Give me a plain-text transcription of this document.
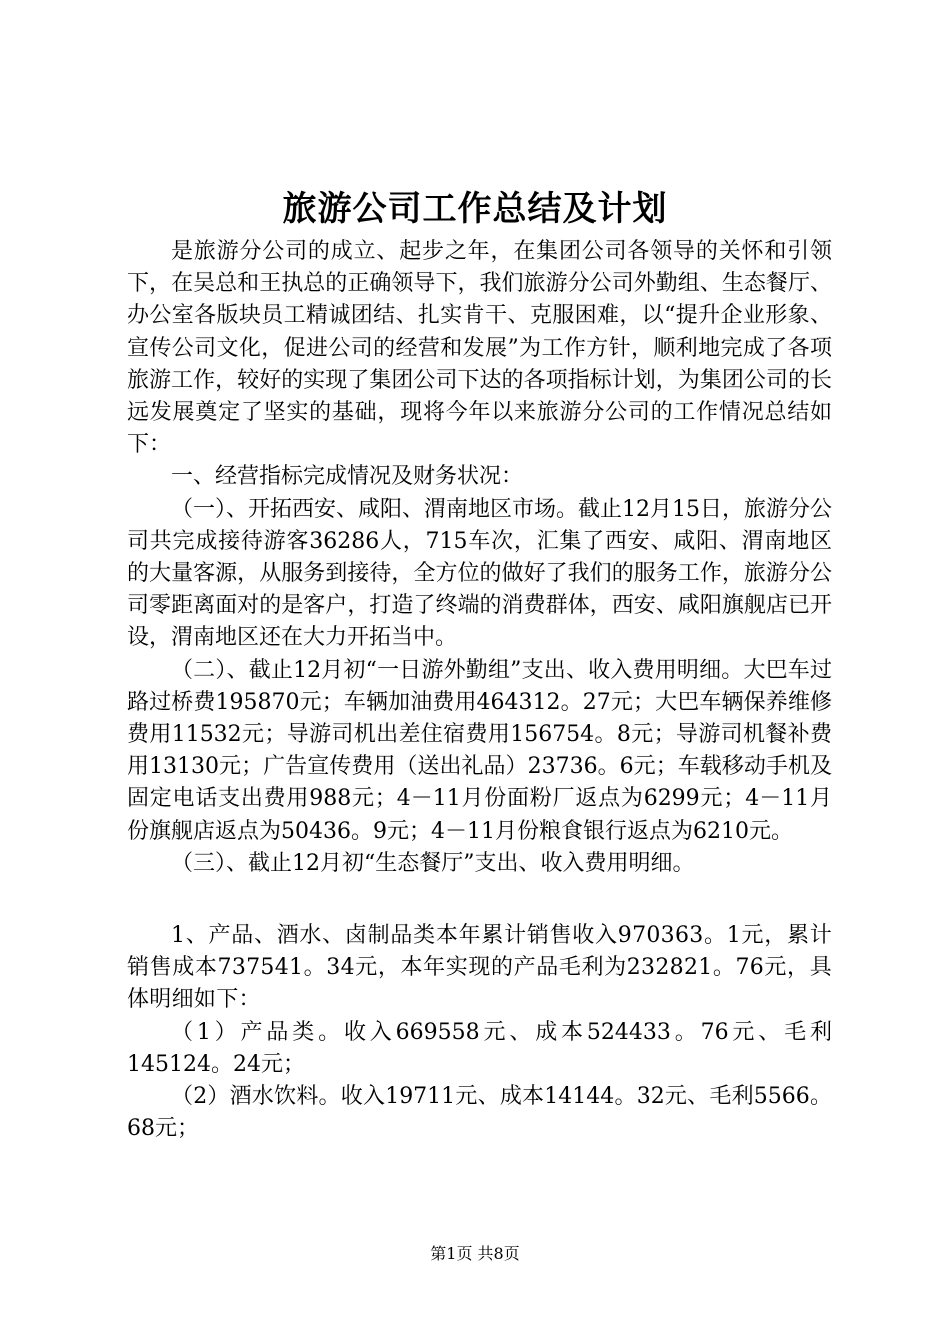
旅游公司工作总结及计划

是旅游分公司的成立、起步之年，在集团公司各领导的关怀和引领下，在吴总和王执总的正确领导下，我们旅游分公司外勤组、生态餐厅、办公室各版块员工精诚团结、扎实肯干、克服困难，以“提升企业形象、宣传公司文化，促进公司的经营和发展”为工作方针，顺利地完成了各项旅游工作，较好的实现了集团公司下达的各项指标计划，为集团公司的长远发展奠定了坚实的基础，现将今年以来旅游分公司的工作情况总结如下：

一、经营指标完成情况及财务状况：

（一）、开拓西安、咸阳、渭南地区市场。截止12月15日，旅游分公司共完成接待游客36286人，715车次，汇集了西安、咸阳、渭南地区的大量客源，从服务到接待，全方位的做好了我们的服务工作，旅游分公司零距离面对的是客户，打造了终端的消费群体，西安、咸阳旗舰店已开设，渭南地区还在大力开拓当中。

（二）、截止12月初“一日游外勤组”支出、收入费用明细。大巴车过路过桥费195870元；车辆加油费用464312。27元；大巴车辆保养维修费用11532元；导游司机出差住宿费用156754。8元；导游司机餐补费用13130元；广告宣传费用（送出礼品）23736。6元；车载移动手机及固定电话支出费用988元；4－11月份面粉厂返点为6299元；4－11月份旗舰店返点为50436。9元；4－11月份粮食银行返点为6210元。

（三）、截止12月初“生态餐厅”支出、收入费用明细。

1、产品、酒水、卤制品类本年累计销售收入970363。1元，累计销售成本737541。34元，本年实现的产品毛利为232821。76元，具体明细如下：

（1）产品类。收入669558元、成本524433。76元、毛利145124。24元；

（2）酒水饮料。收入19711元、成本14144。32元、毛利5566。68元；

第1页 共8页
